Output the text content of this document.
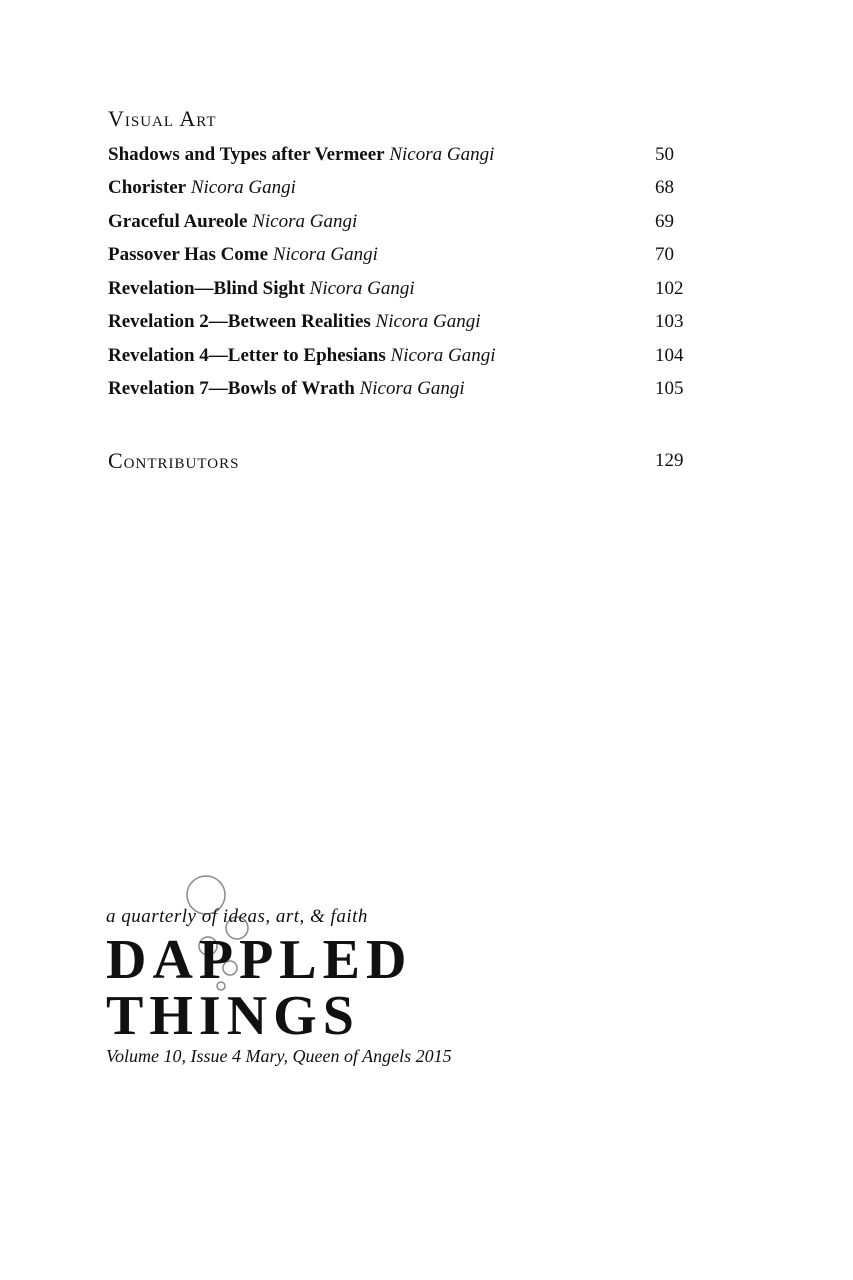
Visual Art
Shadows and Types after Vermeer Nicora Gangi	50
Chorister Nicora Gangi	68
Graceful Aureole Nicora Gangi	69
Passover Has Come Nicora Gangi	70
Revelation—Blind Sight Nicora Gangi	102
Revelation 2—Between Realities Nicora Gangi	103
Revelation 4—Letter to Ephesians Nicora Gangi	104
Revelation 7—Bowls of Wrath Nicora Gangi	105
Contributors	129
a quarterly of ideas, art, & faith
DAPPLED
THINGS
Volume 10, Issue 4 Mary, Queen of Angels 2015
